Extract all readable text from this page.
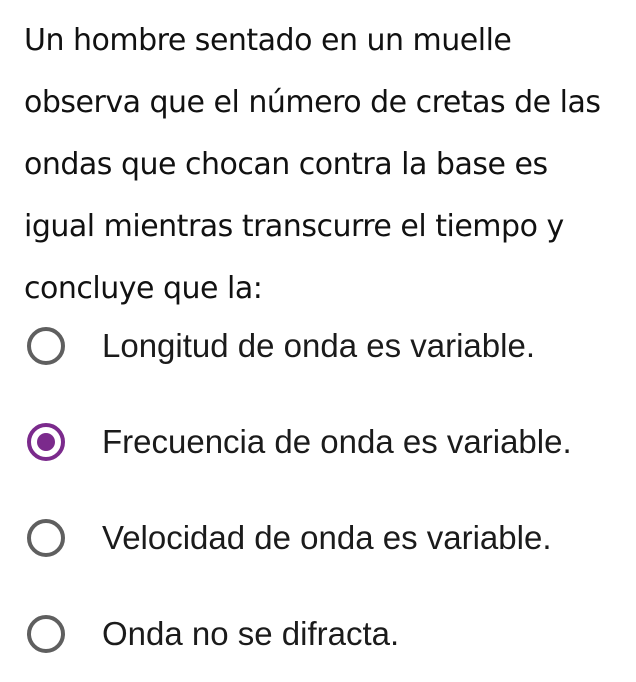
Un hombre sentado en un muelle observa que el número de cretas de las ondas que chocan contra la base es igual mientras transcurre el tiempo y concluye que la:
Longitud de onda es variable.
Frecuencia de onda es variable.
Velocidad de onda es variable.
Onda no se difracta.
